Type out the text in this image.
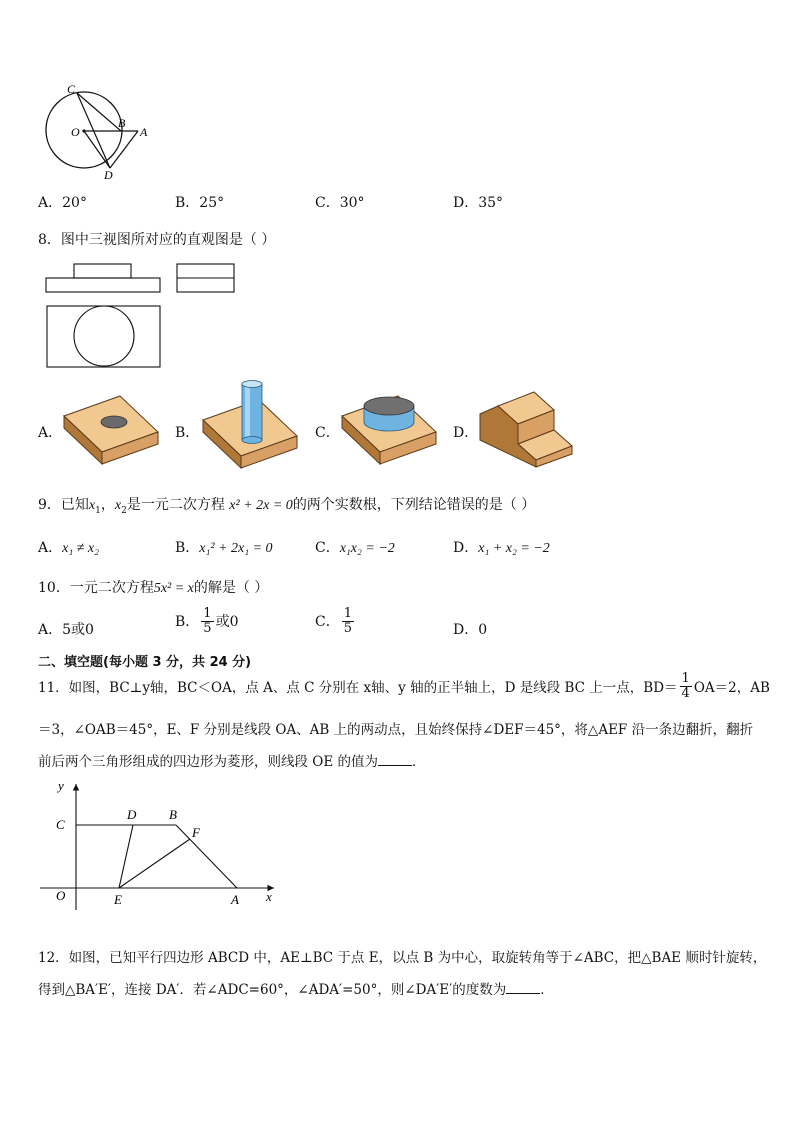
C
O
B
A
D
A．20°	B．25°	C．30°	D．35°
8．图中三视图所对应的直观图是（ ）
A．	B．	C．	D．
9．已知$x_1$，$x_2$是一元二次方程 x² + 2x = 0的两个实数根，下列结论错误的是（ ）
A．x₁ ≠ x₂	B．x₁² + 2x₁ = 0	C．x₁x₂ = −2	D．x₁ + x₂ = −2
10．一元二次方程5x² = x的解是（ ）
A．5或0	B． $\frac{1}{5}$ 或0	C． $\frac{1}{5}$	D．0
二、填空题(每小题 3 分，共 24 分)
11．如图，BC⊥y轴，BC＜OA，点 A、点 C 分别在 x轴、y 轴的正半轴上，D 是线段 BC 上一点，$BD= \frac{1}{4} OA=2$，AB
＝3，∠OAB＝45°，E、F 分别是线段 OA、AB 上的两动点，且始终保持∠DEF＝45°，将△AEF 沿一条边翻折，翻折
前后两个三角形组成的四边形为菱形，则线段 OE 的值为	．
y
C
D	B
F
O	E	A x
12．如图，已知平行四边形 ABCD 中，AE⊥BC 于点 E，以点 B 为中心，取旋转角等于∠ABC，把△BAE 顺时针旋转，
得到△BA′E′，连接 DA′．若∠ADC=60°，∠ADA′=50°，则∠DA′E′的度数为	．
